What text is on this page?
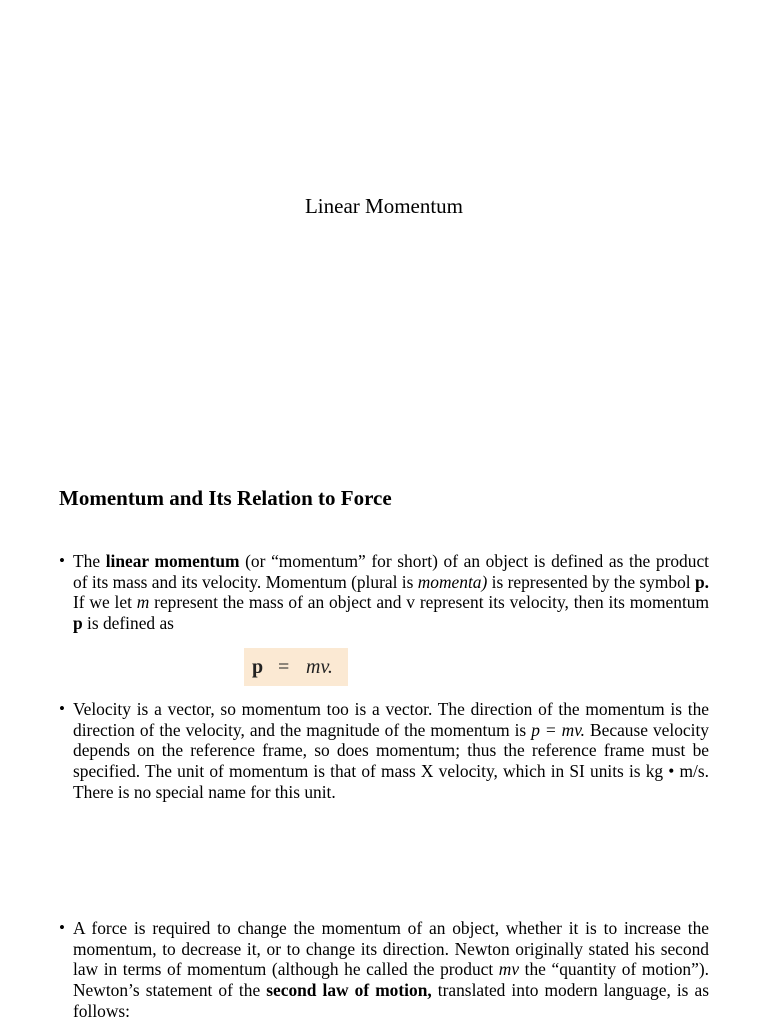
Linear Momentum
Momentum and Its Relation to Force
• The linear momentum (or “momentum” for short) of an object is defined as the product of its mass and its velocity. Momentum (plural is momenta) is represented by the symbol p. If we let m represent the mass of an object and v represent its velocity, then its momentum p is defined as

p = mv.
• Velocity is a vector, so momentum too is a vector. The direction of the momentum is the direction of the velocity, and the magnitude of the momentum is p = mv. Because velocity depends on the reference frame, so does momentum; thus the reference frame must be specified. The unit of momentum is that of mass X velocity, which in SI units is kg • m/s. There is no special name for this unit.

• A force is required to change the momentum of an object, whether it is to increase the momentum, to decrease it, or to change its direction. Newton originally stated his second law in terms of momentum (although he called the product mv the “quantity of motion”). Newton’s statement of the second law of motion, translated into modern language, is as follows:
